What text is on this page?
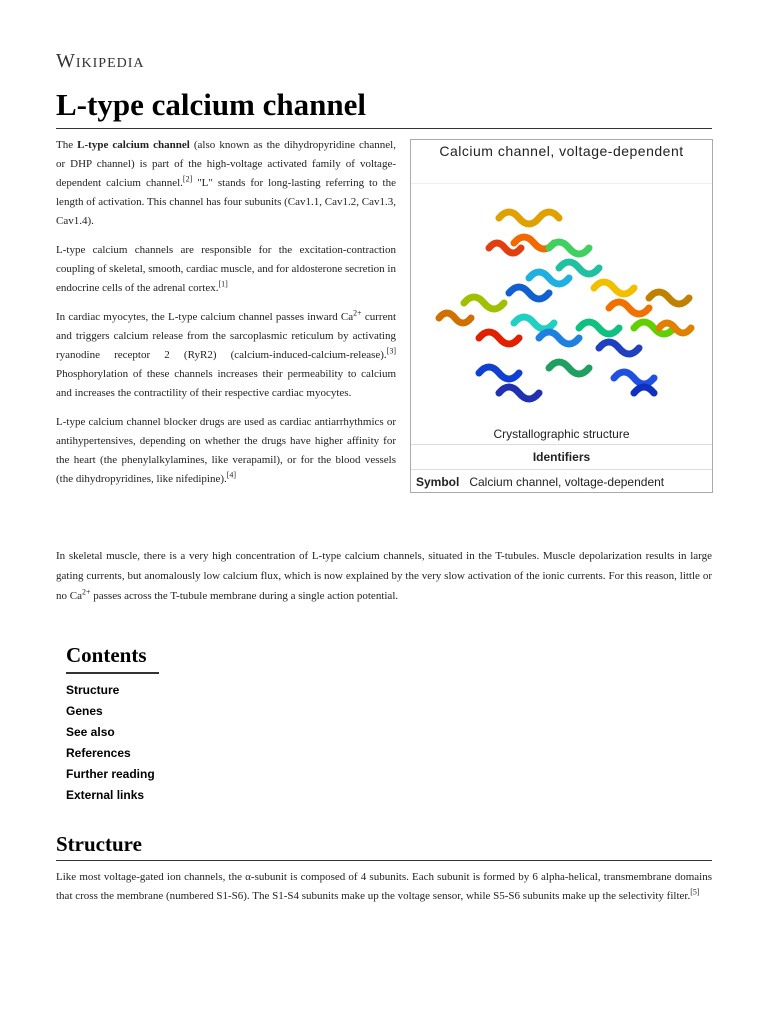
Wikipedia
L-type calcium channel

The L-type calcium channel (also known as the dihydropyridine channel, or DHP channel) is part of the high-voltage activated family of voltage-dependent calcium channel.[2] "L" stands for long-lasting referring to the length of activation. This channel has four subunits (Cav1.1, Cav1.2, Cav1.3, Cav1.4).

L-type calcium channels are responsible for the excitation-contraction coupling of skeletal, smooth, cardiac muscle, and for aldosterone secretion in endocrine cells of the adrenal cortex.[1]

In cardiac myocytes, the L-type calcium channel passes inward $Ca^{2+}$ current and triggers calcium release from the sarcoplasmic reticulum by activating ryanodine receptor 2 (RyR2) (calcium-induced-calcium-release).[3] Phosphorylation of these channels increases their permeability to calcium and increases the contractility of their respective cardiac myocytes.

L-type calcium channel blocker drugs are used as cardiac antiarrhythmics or antihypertensives, depending on whether the drugs have higher affinity for the heart (the phenylalkylamines, like verapamil), or for the blood vessels (the dihydropyridines, like nifedipine).[4]

Calcium channel, voltage-dependent
Crystallographic structure
Identifiers
Symbol Calcium channel, voltage-dependent

In skeletal muscle, there is a very high concentration of L-type calcium channels, situated in the T-tubules. Muscle depolarization results in large gating currents, but anomalously low calcium flux, which is now explained by the very slow activation of the ionic currents. For this reason, little or no $Ca^{2+}$ passes across the T-tubule membrane during a single action potential.

Contents
Structure
Genes
See also
References
Further reading
External links
Structure

Like most voltage-gated ion channels, the α-subunit is composed of 4 subunits. Each subunit is formed by 6 alpha-helical, transmembrane domains that cross the membrane (numbered S1-S6). The S1-S4 subunits make up the voltage sensor, while S5-S6 subunits make up the selectivity filter.[5]
